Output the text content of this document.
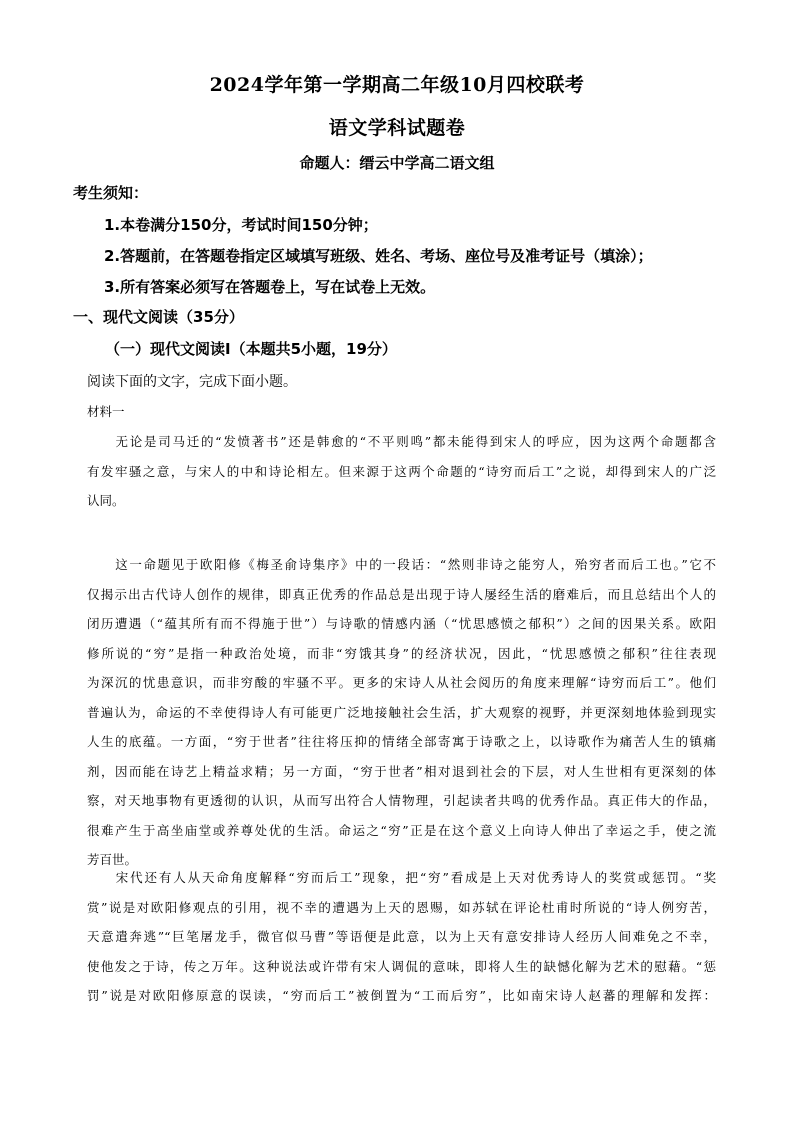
2024学年第一学期高二年级10月四校联考
语文学科试题卷
命题人：缙云中学高二语文组
考生须知：
1.本卷满分150分，考试时间150分钟；
2.答题前，在答题卷指定区域填写班级、姓名、考场、座位号及准考证号（填涂）；
3.所有答案必须写在答题卷上，写在试卷上无效。
一、现代文阅读（35分）
（一）现代文阅读Ⅰ（本题共5小题，19分）
阅读下面的文字，完成下面小题。
材料一
　　无论是司马迁的“发愤著书”还是韩愈的“不平则鸣”都未能得到宋人的呼应，因为这两个命题都含
有发牢骚之意，与宋人的中和诗论相左。但来源于这两个命题的“诗穷而后工”之说，却得到宋人的广泛
认同。
　　这一命题见于欧阳修《梅圣俞诗集序》中的一段话：“然则非诗之能穷人，殆穷者而后工也。”它不
仅揭示出古代诗人创作的规律，即真正优秀的作品总是出现于诗人屡经生活的磨难后，而且总结出个人的
闭历遭遇（“蕴其所有而不得施于世”）与诗歌的情感内涵（“忧思感愤之郁积”）之间的因果关系。欧阳
修所说的“穷”是指一种政治处境，而非“穷饿其身”的经济状况，因此，“忧思感愤之郁积”往往表现
为深沉的忧患意识，而非穷酸的牢骚不平。更多的宋诗人从社会阅历的角度来理解“诗穷而后工”。他们
普遍认为，命运的不幸使得诗人有可能更广泛地接触社会生活，扩大观察的视野，并更深刻地体验到现实
人生的底蕴。一方面，“穷于世者”往往将压抑的情绪全部寄寓于诗歌之上，以诗歌作为痛苦人生的镇痛
剂，因而能在诗艺上精益求精；另一方面，“穷于世者”相对退到社会的下层，对人生世相有更深刻的体
察，对天地事物有更透彻的认识，从而写出符合人情物理，引起读者共鸣的优秀作品。真正伟大的作品，
很难产生于高坐庙堂或养尊处优的生活。命运之“穷”正是在这个意义上向诗人伸出了幸运之手，使之流
芳百世。
　　宋代还有人从天命角度解释“穷而后工”现象，把“穷”看成是上天对优秀诗人的奖赏或惩罚。“奖
赏”说是对欧阳修观点的引用，视不幸的遭遇为上天的恩赐，如苏轼在评论杜甫时所说的“诗人例穷苦，
天意遣奔逃”“巨笔屠龙手，微官似马曹”等语便是此意，以为上天有意安排诗人经历人间难免之不幸，
使他发之于诗，传之万年。这种说法或许带有宋人调侃的意味，即将人生的缺憾化解为艺术的慰藉。“惩
罚”说是对欧阳修原意的误读，“穷而后工”被倒置为“工而后穷”，比如南宋诗人赵蕃的理解和发挥：
